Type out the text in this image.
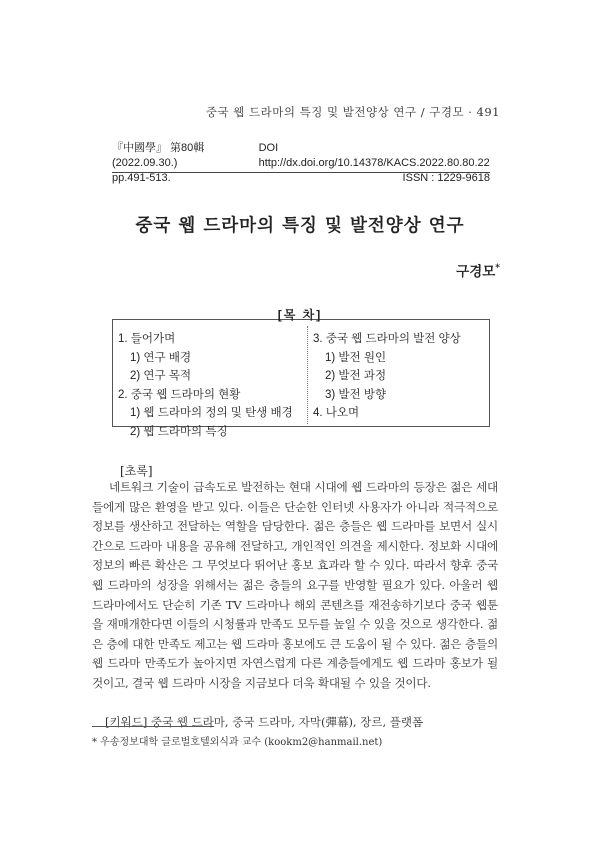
중국 웹 드라마의 특징 및 발전양상 연구 / 구경모 · 491
『中國學』 第80輯 (2022.09.30.)
DOI http://dx.doi.org/10.14378/KACS.2022.80.80.22
pp.491-513.	ISSN : 1229-9618
중국 웹 드라마의 특징 및 발전양상 연구
구경모*
[목 차]
1. 들어가며
1) 연구 배경
2) 연구 목적
2. 중국 웹 드라마의 현황
1) 웹 드라마의 정의 및 탄생 배경
2) 웹 드라마의 특징
3. 중국 웹 드라마의 발전 양상
1) 발전 원인
2) 발전 과정
3) 발전 방향
4. 나오며
[초록]
네트워크 기술이 급속도로 발전하는 현대 시대에 웹 드라마의 등장은 젊은 세대들에게 많은 환영을 받고 있다. 이들은 단순한 인터넷 사용자가 아니라 적극적으로 정보를 생산하고 전달하는 역할을 담당한다. 젊은 층들은 웹 드라마를 보면서 실시간으로 드라마 내용을 공유해 전달하고, 개인적인 의견을 제시한다. 정보화 시대에 정보의 빠른 확산은 그 무엇보다 뛰어난 홍보 효과라 할 수 있다. 따라서 향후 중국 웹 드라마의 성장을 위해서는 젊은 층들의 요구를 반영할 필요가 있다. 아울러 웹 드라마에서도 단순히 기존 TV 드라마나 해외 콘텐츠를 재전송하기보다 중국 웹툰을 재매개한다면 이들의 시청률과 만족도 모두를 높일 수 있을 것으로 생각한다. 젊은 층에 대한 만족도 제고는 웹 드라마 홍보에도 큰 도움이 될 수 있다. 젊은 층들의 웹 드라마 만족도가 높아지면 자연스럽게 다른 계층들에게도 웹 드라마 홍보가 될 것이고, 결국 웹 드라마 시장을 지금보다 더욱 확대될 수 있을 것이다.
[키워드] 중국 웹 드라마, 중국 드라마, 자막(彈幕), 장르, 플랫폼
* 우송정보대학 글로벌호텔외식과 교수 (kookm2@hanmail.net)
